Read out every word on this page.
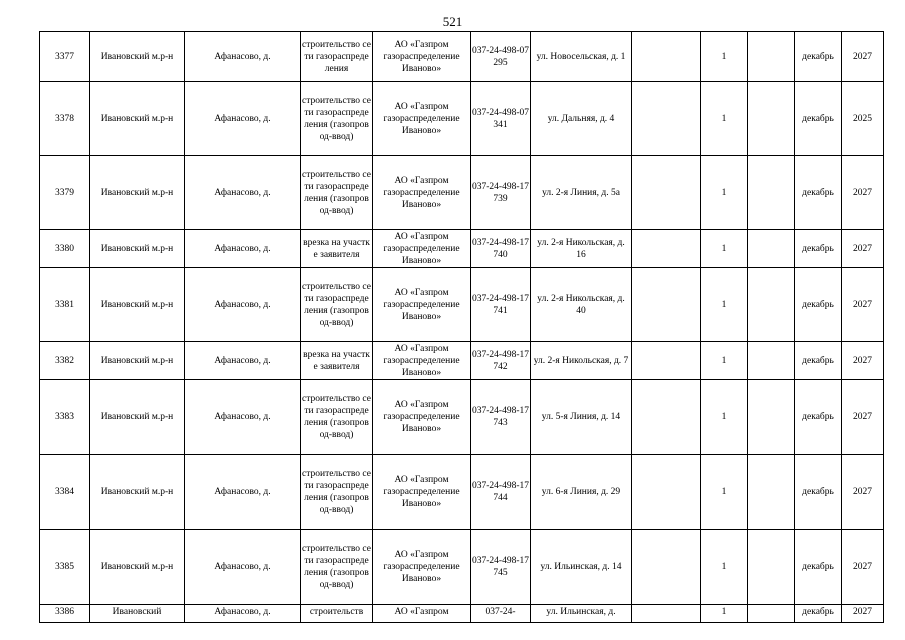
521
3377	Ивановский м.р-н	Афанасово, д.	строительство сети газораспределения	АО «Газпром газораспределение Иваново»	037-24-498-07295	ул. Новосельская, д. 1		1		декабрь	2027
3378	Ивановский м.р-н	Афанасово, д.	строительство сети газораспределения (газопровод-ввод)	АО «Газпром газораспределение Иваново»	037-24-498-07341	ул. Дальняя, д. 4		1		декабрь	2025
3379	Ивановский м.р-н	Афанасово, д.	строительство сети газораспределения (газопровод-ввод)	АО «Газпром газораспределение Иваново»	037-24-498-17739	ул. 2-я Линия, д. 5а		1		декабрь	2027
3380	Ивановский м.р-н	Афанасово, д.	врезка на участке заявителя	АО «Газпром газораспределение Иваново»	037-24-498-17740	ул. 2-я Никольская, д. 16		1		декабрь	2027
3381	Ивановский м.р-н	Афанасово, д.	строительство сети газораспределения (газопровод-ввод)	АО «Газпром газораспределение Иваново»	037-24-498-17741	ул. 2-я Никольская, д. 40		1		декабрь	2027
3382	Ивановский м.р-н	Афанасово, д.	врезка на участке заявителя	АО «Газпром газораспределение Иваново»	037-24-498-17742	ул. 2-я Никольская, д. 7		1		декабрь	2027
3383	Ивановский м.р-н	Афанасово, д.	строительство сети газораспределения (газопровод-ввод)	АО «Газпром газораспределение Иваново»	037-24-498-17743	ул. 5-я Линия, д. 14		1		декабрь	2027
3384	Ивановский м.р-н	Афанасово, д.	строительство сети газораспределения (газопровод-ввод)	АО «Газпром газораспределение Иваново»	037-24-498-17744	ул. 6-я Линия, д. 29		1		декабрь	2027
3385	Ивановский м.р-н	Афанасово, д.	строительство сети газораспределения (газопровод-ввод)	АО «Газпром газораспределение Иваново»	037-24-498-17745	ул. Ильинская, д. 14		1		декабрь	2027
3386	Ивановский	Афанасово, д.	строительств	АО «Газпром	037-24-	ул. Ильинская, д.		1		декабрь	2027
